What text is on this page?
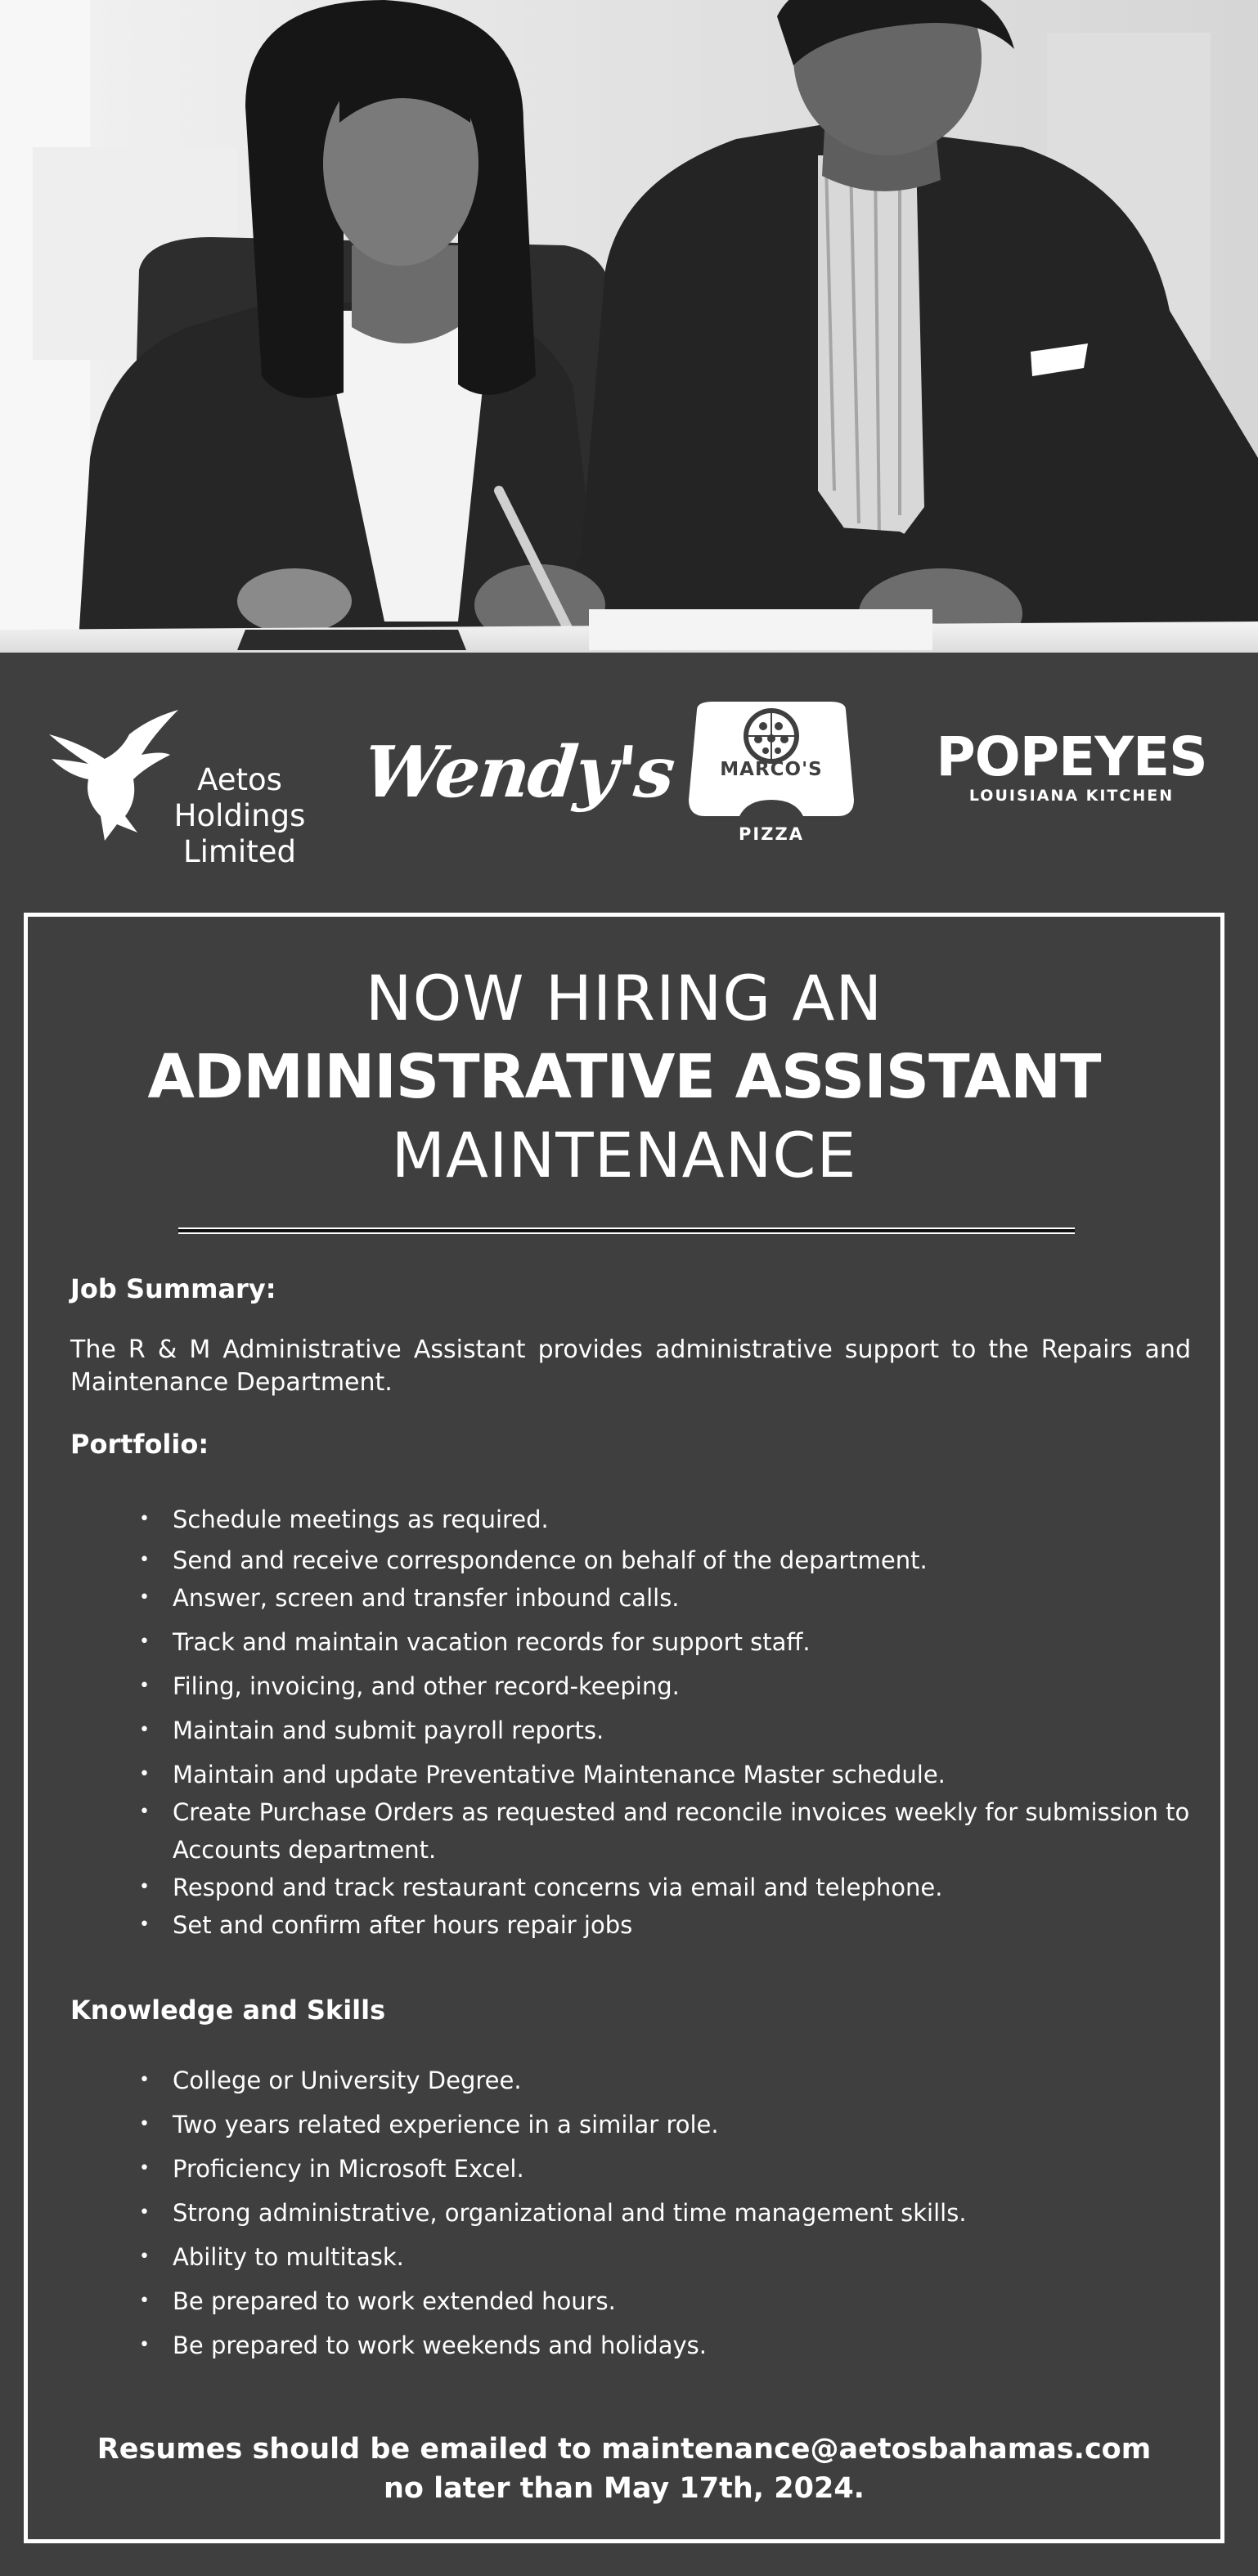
Aetos
Holdings
Limited
Wendy's	MARCO'S
PIZZA
POPEYES
LOUISIANA KITCHEN
NOW HIRING AN
ADMINISTRATIVE ASSISTANT
MAINTENANCE
Job Summary:
The R & M Administrative Assistant provides administrative support to the Repairs and Maintenance Department.
Portfolio:
• Schedule meetings as required.
• Send and receive correspondence on behalf of the department.
• Answer, screen and transfer inbound calls.
• Track and maintain vacation records for support staff.
• Filing, invoicing, and other record-keeping.
• Maintain and submit payroll reports.
• Maintain and update Preventative Maintenance Master schedule.
• Create Purchase Orders as requested and reconcile invoices weekly for submission to Accounts department.
• Respond and track restaurant concerns via email and telephone.
• Set and confirm after hours repair jobs
Knowledge and Skills
• College or University Degree.
• Two years related experience in a similar role.
• Proficiency in Microsoft Excel.
• Strong administrative, organizational and time management skills.
• Ability to multitask.
• Be prepared to work extended hours.
• Be prepared to work weekends and holidays.
Resumes should be emailed to maintenance@aetosbahamas.com
no later than May 17th, 2024.
